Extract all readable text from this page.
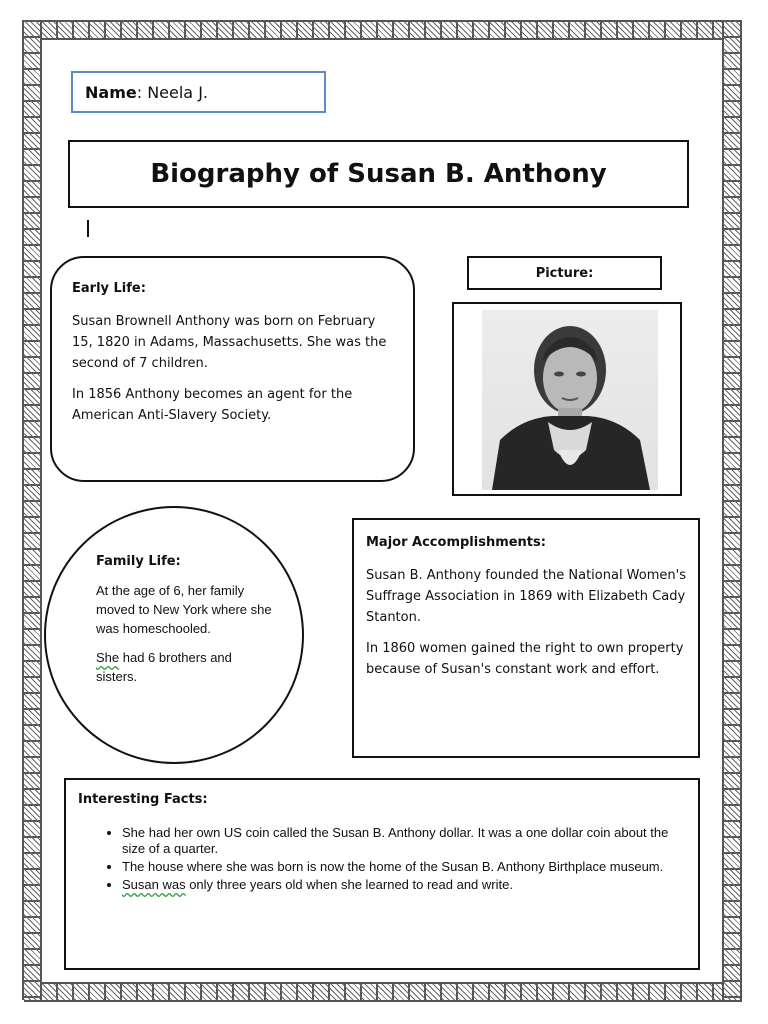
Name: Neela J.
Biography of Susan B. Anthony
Early Life:

Susan Brownell Anthony was born on February 15, 1820 in Adams, Massachusetts. She was the second of 7 children.

In 1856 Anthony becomes an agent for the American Anti-Slavery Society.

Picture:
Family Life:

At the age of 6, her family moved to New York where she was homeschooled.

She had 6 brothers and sisters.

Major Accomplishments:

Susan B. Anthony founded the National Women's Suffrage Association in 1869 with Elizabeth Cady Stanton.

In 1860 women gained the right to own property because of Susan's constant work and effort.

Interesting Facts:
• She had her own US coin called the Susan B. Anthony dollar. It was a one dollar coin about the size of a quarter.
• The house where she was born is now the home of the Susan B. Anthony Birthplace museum.
• Susan was only three years old when she learned to read and write.
